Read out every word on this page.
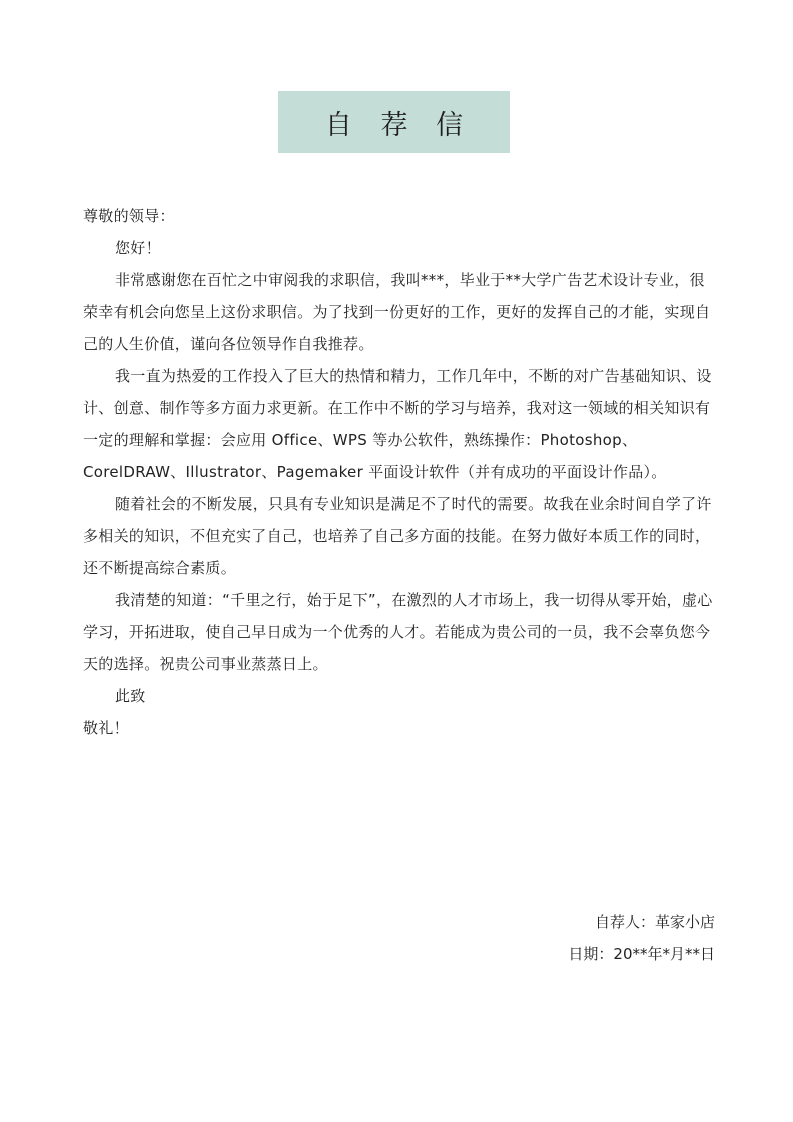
自 荐 信

尊敬的领导：

您好！

非常感谢您在百忙之中审阅我的求职信，我叫***，毕业于**大学广告艺术设计专业，很荣幸有机会向您呈上这份求职信。为了找到一份更好的工作，更好的发挥自己的才能，实现自己的人生价值，谨向各位领导作自我推荐。

我一直为热爱的工作投入了巨大的热情和精力，工作几年中，不断的对广告基础知识、设计、创意、制作等多方面力求更新。在工作中不断的学习与培养，我对这一领域的相关知识有一定的理解和掌握：会应用 Office、WPS 等办公软件，熟练操作：Photoshop、CorelDRAW、Illustrator、Pagemaker 平面设计软件（并有成功的平面设计作品）。

随着社会的不断发展，只具有专业知识是满足不了时代的需要。故我在业余时间自学了许多相关的知识，不但充实了自己，也培养了自己多方面的技能。在努力做好本质工作的同时，还不断提高综合素质。

我清楚的知道：“千里之行，始于足下”，在激烈的人才市场上，我一切得从零开始，虚心学习，开拓进取，使自己早日成为一个优秀的人才。若能成为贵公司的一员，我不会辜负您今天的选择。祝贵公司事业蒸蒸日上。

此致

敬礼！

自荐人：革家小店

日期：20**年*月**日
